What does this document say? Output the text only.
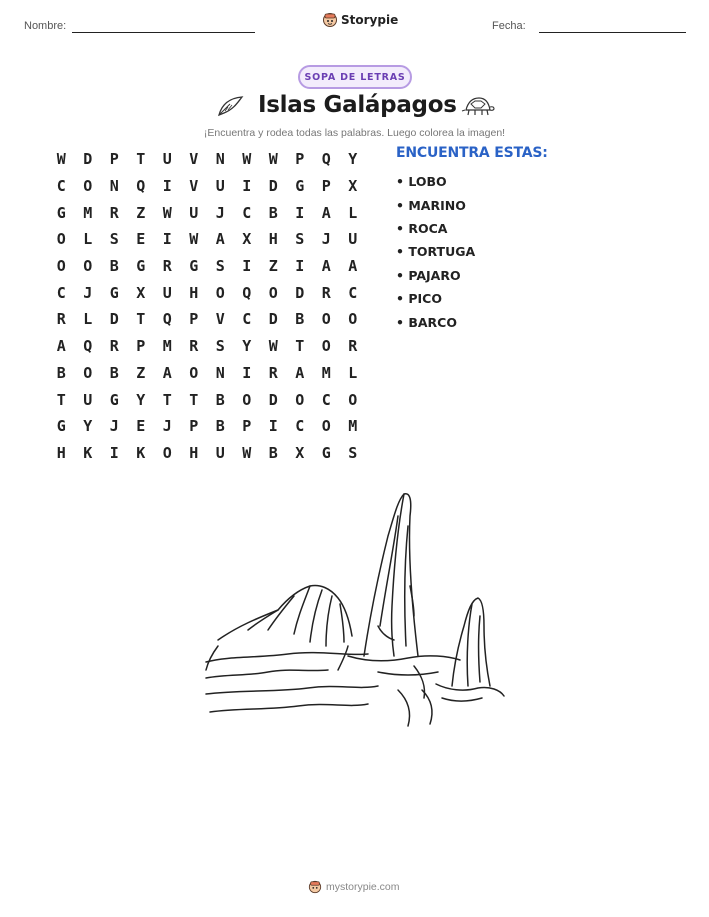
Nombre:	Storypie	Fecha:
SOPA DE LETRAS
Islas Galápagos
¡Encuentra y rodea todas las palabras. Luego colorea la imagen!
W	D	P	T	U	V	N	W	W	P	Q	Y
C	O	N	Q	I	V	U	I	D	G	P	X
G	M	R	Z	W	U	J	C	B	I	A	L
O	L	S	E	I	W	A	X	H	S	J	U
O	O	B	G	R	G	S	I	Z	I	A	A
C	J	G	X	U	H	O	Q	O	D	R	C
R	L	D	T	Q	P	V	C	D	B	O	O
A	Q	R	P	M	R	S	Y	W	T	O	R
B	O	B	Z	A	O	N	I	R	A	M	L
T	U	G	Y	T	T	B	O	D	O	C	O
G	Y	J	E	J	P	B	P	I	C	O	M
H	K	I	K	O	H	U	W	B	X	G	S
ENCUENTRA ESTAS:
• LOBO
• MARINO
• ROCA
• TORTUGA
• PAJARO
• PICO
• BARCO
mystorypie.com
